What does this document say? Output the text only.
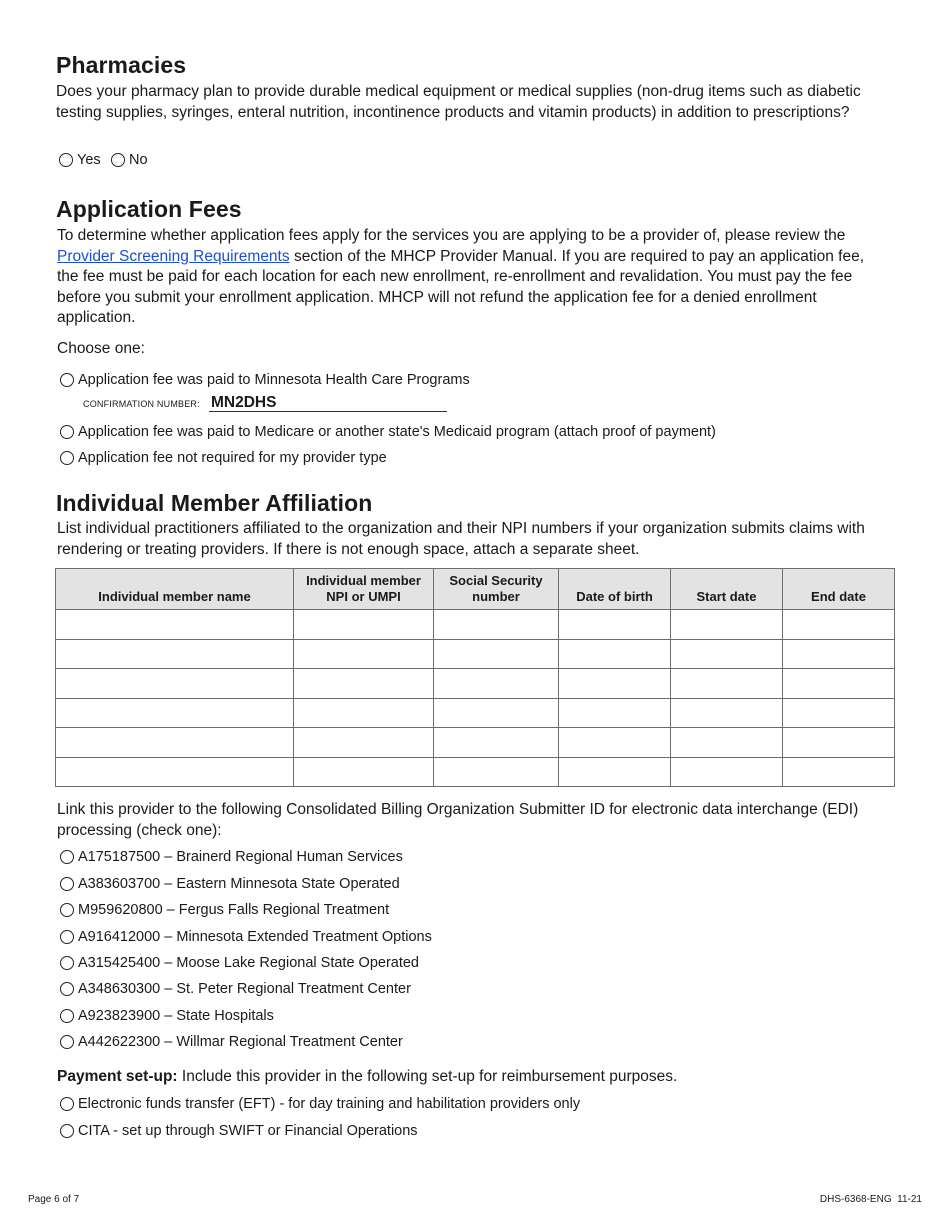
Pharmacies
Does your pharmacy plan to provide durable medical equipment or medical supplies (non-drug items such as diabetic testing supplies, syringes, enteral nutrition, incontinence products and vitamin products) in addition to prescriptions?
Yes No
Application Fees
To determine whether application fees apply for the services you are applying to be a provider of, please review the Provider Screening Requirements section of the MHCP Provider Manual. If you are required to pay an application fee, the fee must be paid for each location for each new enrollment, re-enrollment and revalidation. You must pay the fee before you submit your enrollment application. MHCP will not refund the application fee for a denied enrollment application.
Choose one:
Application fee was paid to Minnesota Health Care Programs
CONFIRMATION NUMBER: MN2DHS
Application fee was paid to Medicare or another state's Medicaid program (attach proof of payment)
Application fee not required for my provider type
Individual Member Affiliation
List individual practitioners affiliated to the organization and their NPI numbers if your organization submits claims with rendering or treating providers. If there is not enough space, attach a separate sheet.
Individual member name	Individual member NPI or UMPI	Social Security number	Date of birth	Start date	End date

Link this provider to the following Consolidated Billing Organization Submitter ID for electronic data interchange (EDI) processing (check one):
A175187500 – Brainerd Regional Human Services
A383603700 – Eastern Minnesota State Operated
M959620800 – Fergus Falls Regional Treatment
A916412000 – Minnesota Extended Treatment Options
A315425400 – Moose Lake Regional State Operated
A348630300 – St. Peter Regional Treatment Center
A923823900 – State Hospitals
A442622300 – Willmar Regional Treatment Center
Payment set-up: Include this provider in the following set-up for reimbursement purposes.
Electronic funds transfer (EFT) - for day training and habilitation providers only
CITA - set up through SWIFT or Financial Operations
Page 6 of 7	DHS-6368-ENG  11-21
